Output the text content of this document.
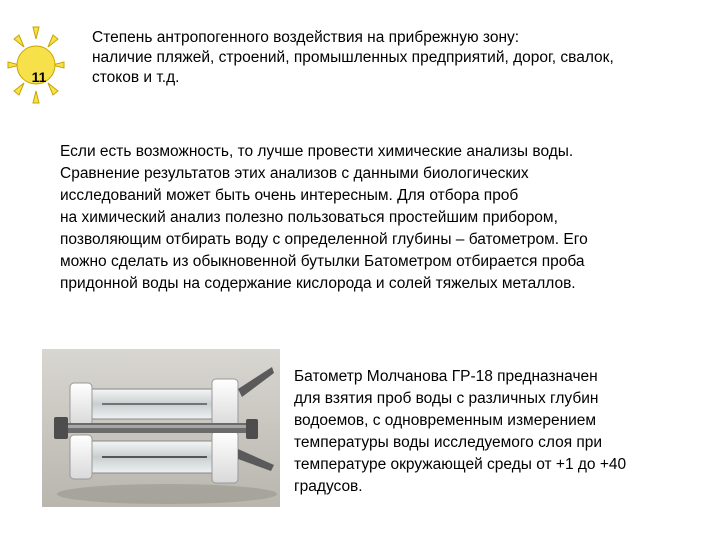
11
Степень антропогенного воздействия на прибрежную зону:
наличие пляжей, строений, промышленных предприятий, дорог, свалок,
стоков и т.д.
Если есть возможность, то лучше провести химические анализы воды.
Сравнение результатов этих анализов с данными биологических
исследований может быть очень интересным. Для отбора проб
на химический анализ полезно пользоваться простейшим прибором,
позволяющим отбирать воду с определенной глубины – батометром. Его
можно сделать из обыкновенной бутылки Батометром отбирается проба
придонной воды на содержание кислорода и солей тяжелых металлов.
Батометр Молчанова ГР-18 предназначен
для взятия проб воды с различных глубин
водоемов, с одновременным измерением
температуры воды исследуемого слоя при
температуре окружающей среды от +1 до +40
градусов.
